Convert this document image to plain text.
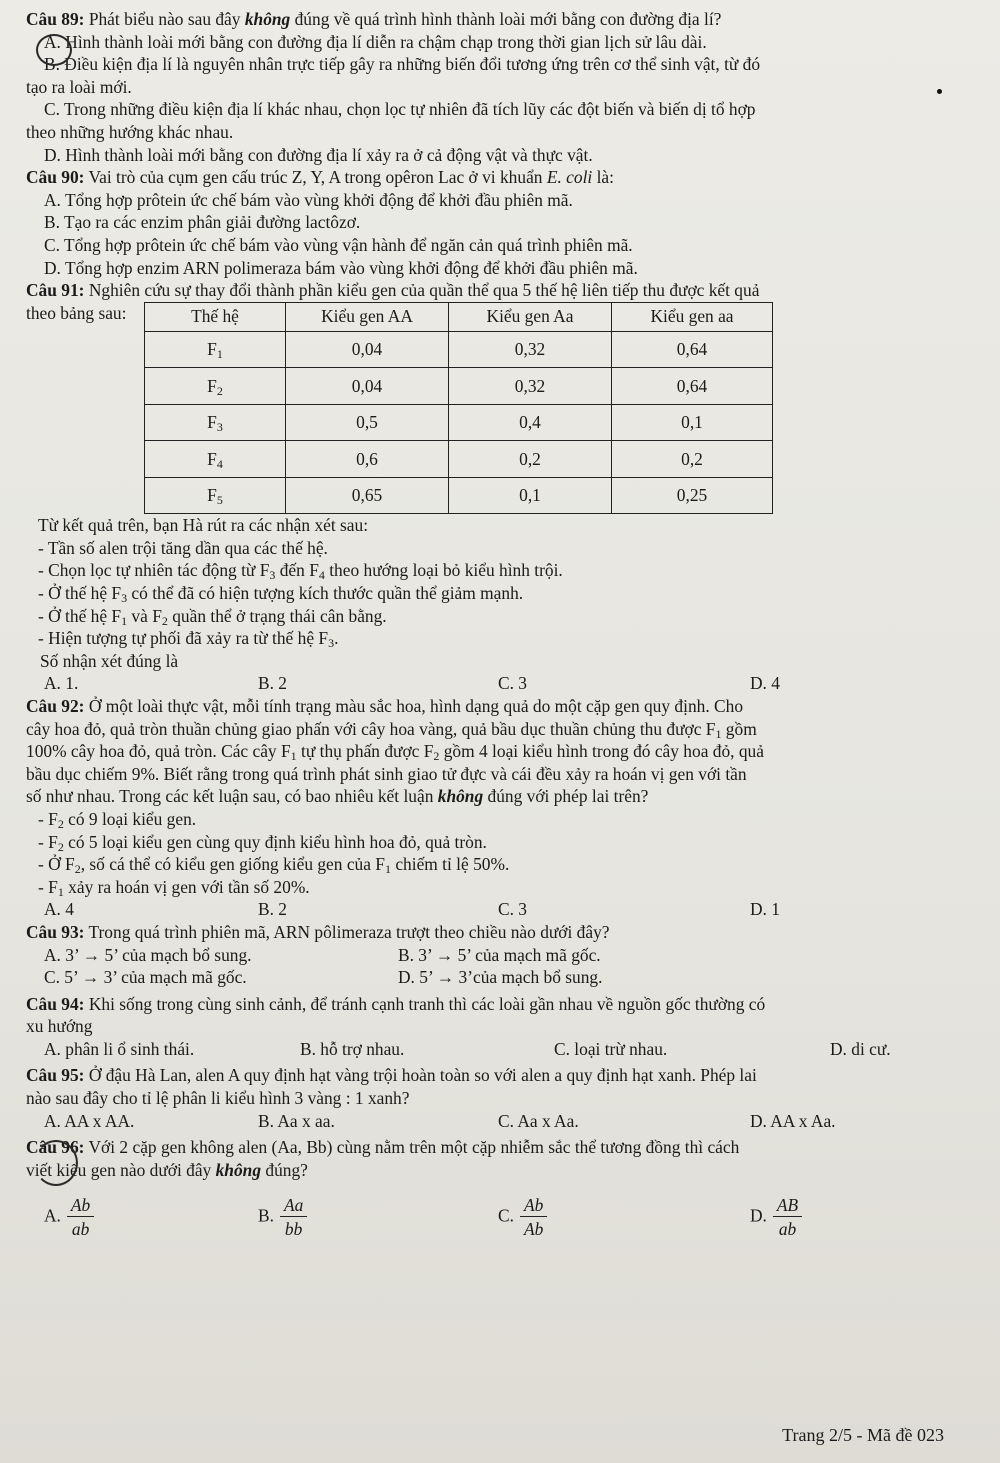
Câu 89: Phát biểu nào sau đây không đúng về quá trình hình thành loài mới bằng con đường địa lí?

A. Hình thành loài mới bằng con đường địa lí diễn ra chậm chạp trong thời gian lịch sử lâu dài.

B. Điều kiện địa lí là nguyên nhân trực tiếp gây ra những biến đổi tương ứng trên cơ thể sinh vật, từ đó

tạo ra loài mới.

C. Trong những điều kiện địa lí khác nhau, chọn lọc tự nhiên đã tích lũy các đột biến và biến dị tổ hợp

theo những hướng khác nhau.

D. Hình thành loài mới bằng con đường địa lí xảy ra ở cả động vật và thực vật.

Câu 90: Vai trò của cụm gen cấu trúc Z, Y, A trong opêron Lac ở vi khuẩn E. coli là:

A. Tổng hợp prôtein ức chế bám vào vùng khởi động để khởi đầu phiên mã.

B. Tạo ra các enzim phân giải đường lactôzơ.

C. Tổng hợp prôtein ức chế bám vào vùng vận hành để ngăn cản quá trình phiên mã.

D. Tổng hợp enzim ARN polimeraza bám vào vùng khởi động để khởi đầu phiên mã.

Câu 91: Nghiên cứu sự thay đổi thành phần kiểu gen của quần thể qua 5 thế hệ liên tiếp thu được kết quả

theo bảng sau:	Thế hệ	Kiểu gen AA	Kiểu gen Aa	Kiểu gen aa
$F_1$	0,04	0,32	0,64
$F_2$	0,04	0,32	0,64
$F_3$	0,5	0,4	0,1
$F_4$	0,6	0,2	0,2
$F_5$	0,65	0,1	0,25

Từ kết quả trên, bạn Hà rút ra các nhận xét sau:

- Tần số alen trội tăng dần qua các thế hệ.

- Chọn lọc tự nhiên tác động từ $F_3$ đến $F_4$ theo hướng loại bỏ kiểu hình trội.

- Ở thế hệ $F_3$ có thể đã có hiện tượng kích thước quần thể giảm mạnh.

- Ở thế hệ $F_1$ và $F_2$ quần thể ở trạng thái cân bằng.

- Hiện tượng tự phối đã xảy ra từ thế hệ $F_3$.

Số nhận xét đúng là

A. 1.	B. 2	C. 3	D. 4

Câu 92: Ở một loài thực vật, mỗi tính trạng màu sắc hoa, hình dạng quả do một cặp gen quy định. Cho

cây hoa đỏ, quả tròn thuần chủng giao phấn với cây hoa vàng, quả bầu dục thuần chủng thu được $F_1$ gồm

100% cây hoa đỏ, quả tròn. Các cây $F_1$ tự thụ phấn được $F_2$ gồm 4 loại kiểu hình trong đó cây hoa đỏ, quả

bầu dục chiếm 9%. Biết rằng trong quá trình phát sinh giao tử đực và cái đều xảy ra hoán vị gen với tần

số như nhau. Trong các kết luận sau, có bao nhiêu kết luận không đúng với phép lai trên?

- $F_2$ có 9 loại kiểu gen.

- $F_2$ có 5 loại kiểu gen cùng quy định kiểu hình hoa đỏ, quả tròn.

- Ở $F_2$, số cá thể có kiểu gen giống kiểu gen của $F_1$ chiếm tỉ lệ 50%.

- $F_1$ xảy ra hoán vị gen với tần số 20%.

A. 4	B. 2	C. 3	D. 1

Câu 93: Trong quá trình phiên mã, ARN pôlimeraza trượt theo chiều nào dưới đây?

A. 3’ → 5’ của mạch bổ sung.	B. 3’ → 5’ của mạch mã gốc.
C. 5’ → 3’ của mạch mã gốc.	D. 5’ → 3’của mạch bổ sung.

Câu 94: Khi sống trong cùng sinh cảnh, để tránh cạnh tranh thì các loài gần nhau về nguồn gốc thường có

xu hướng

A. phân li ổ sinh thái.	B. hỗ trợ nhau.	C. loại trừ nhau.	D. di cư.

Câu 95: Ở đậu Hà Lan, alen A quy định hạt vàng trội hoàn toàn so với alen a quy định hạt xanh. Phép lai

nào sau đây cho tỉ lệ phân li kiểu hình 3 vàng : 1 xanh?

A. AA x AA.	B. Aa x aa.	C. Aa x Aa.	D. AA x Aa.

Câu 96: Với 2 cặp gen không alen (Aa, Bb) cùng nằm trên một cặp nhiễm sắc thể tương đồng thì cách

viết kiểu gen nào dưới đây không đúng?

A. $\frac{Ab}{ab}$	B. $\frac{Aa}{bb}$	C. $\frac{Ab}{Ab}$	D. $\frac{AB}{ab}$
Trang 2/5 - Mã đề 023
